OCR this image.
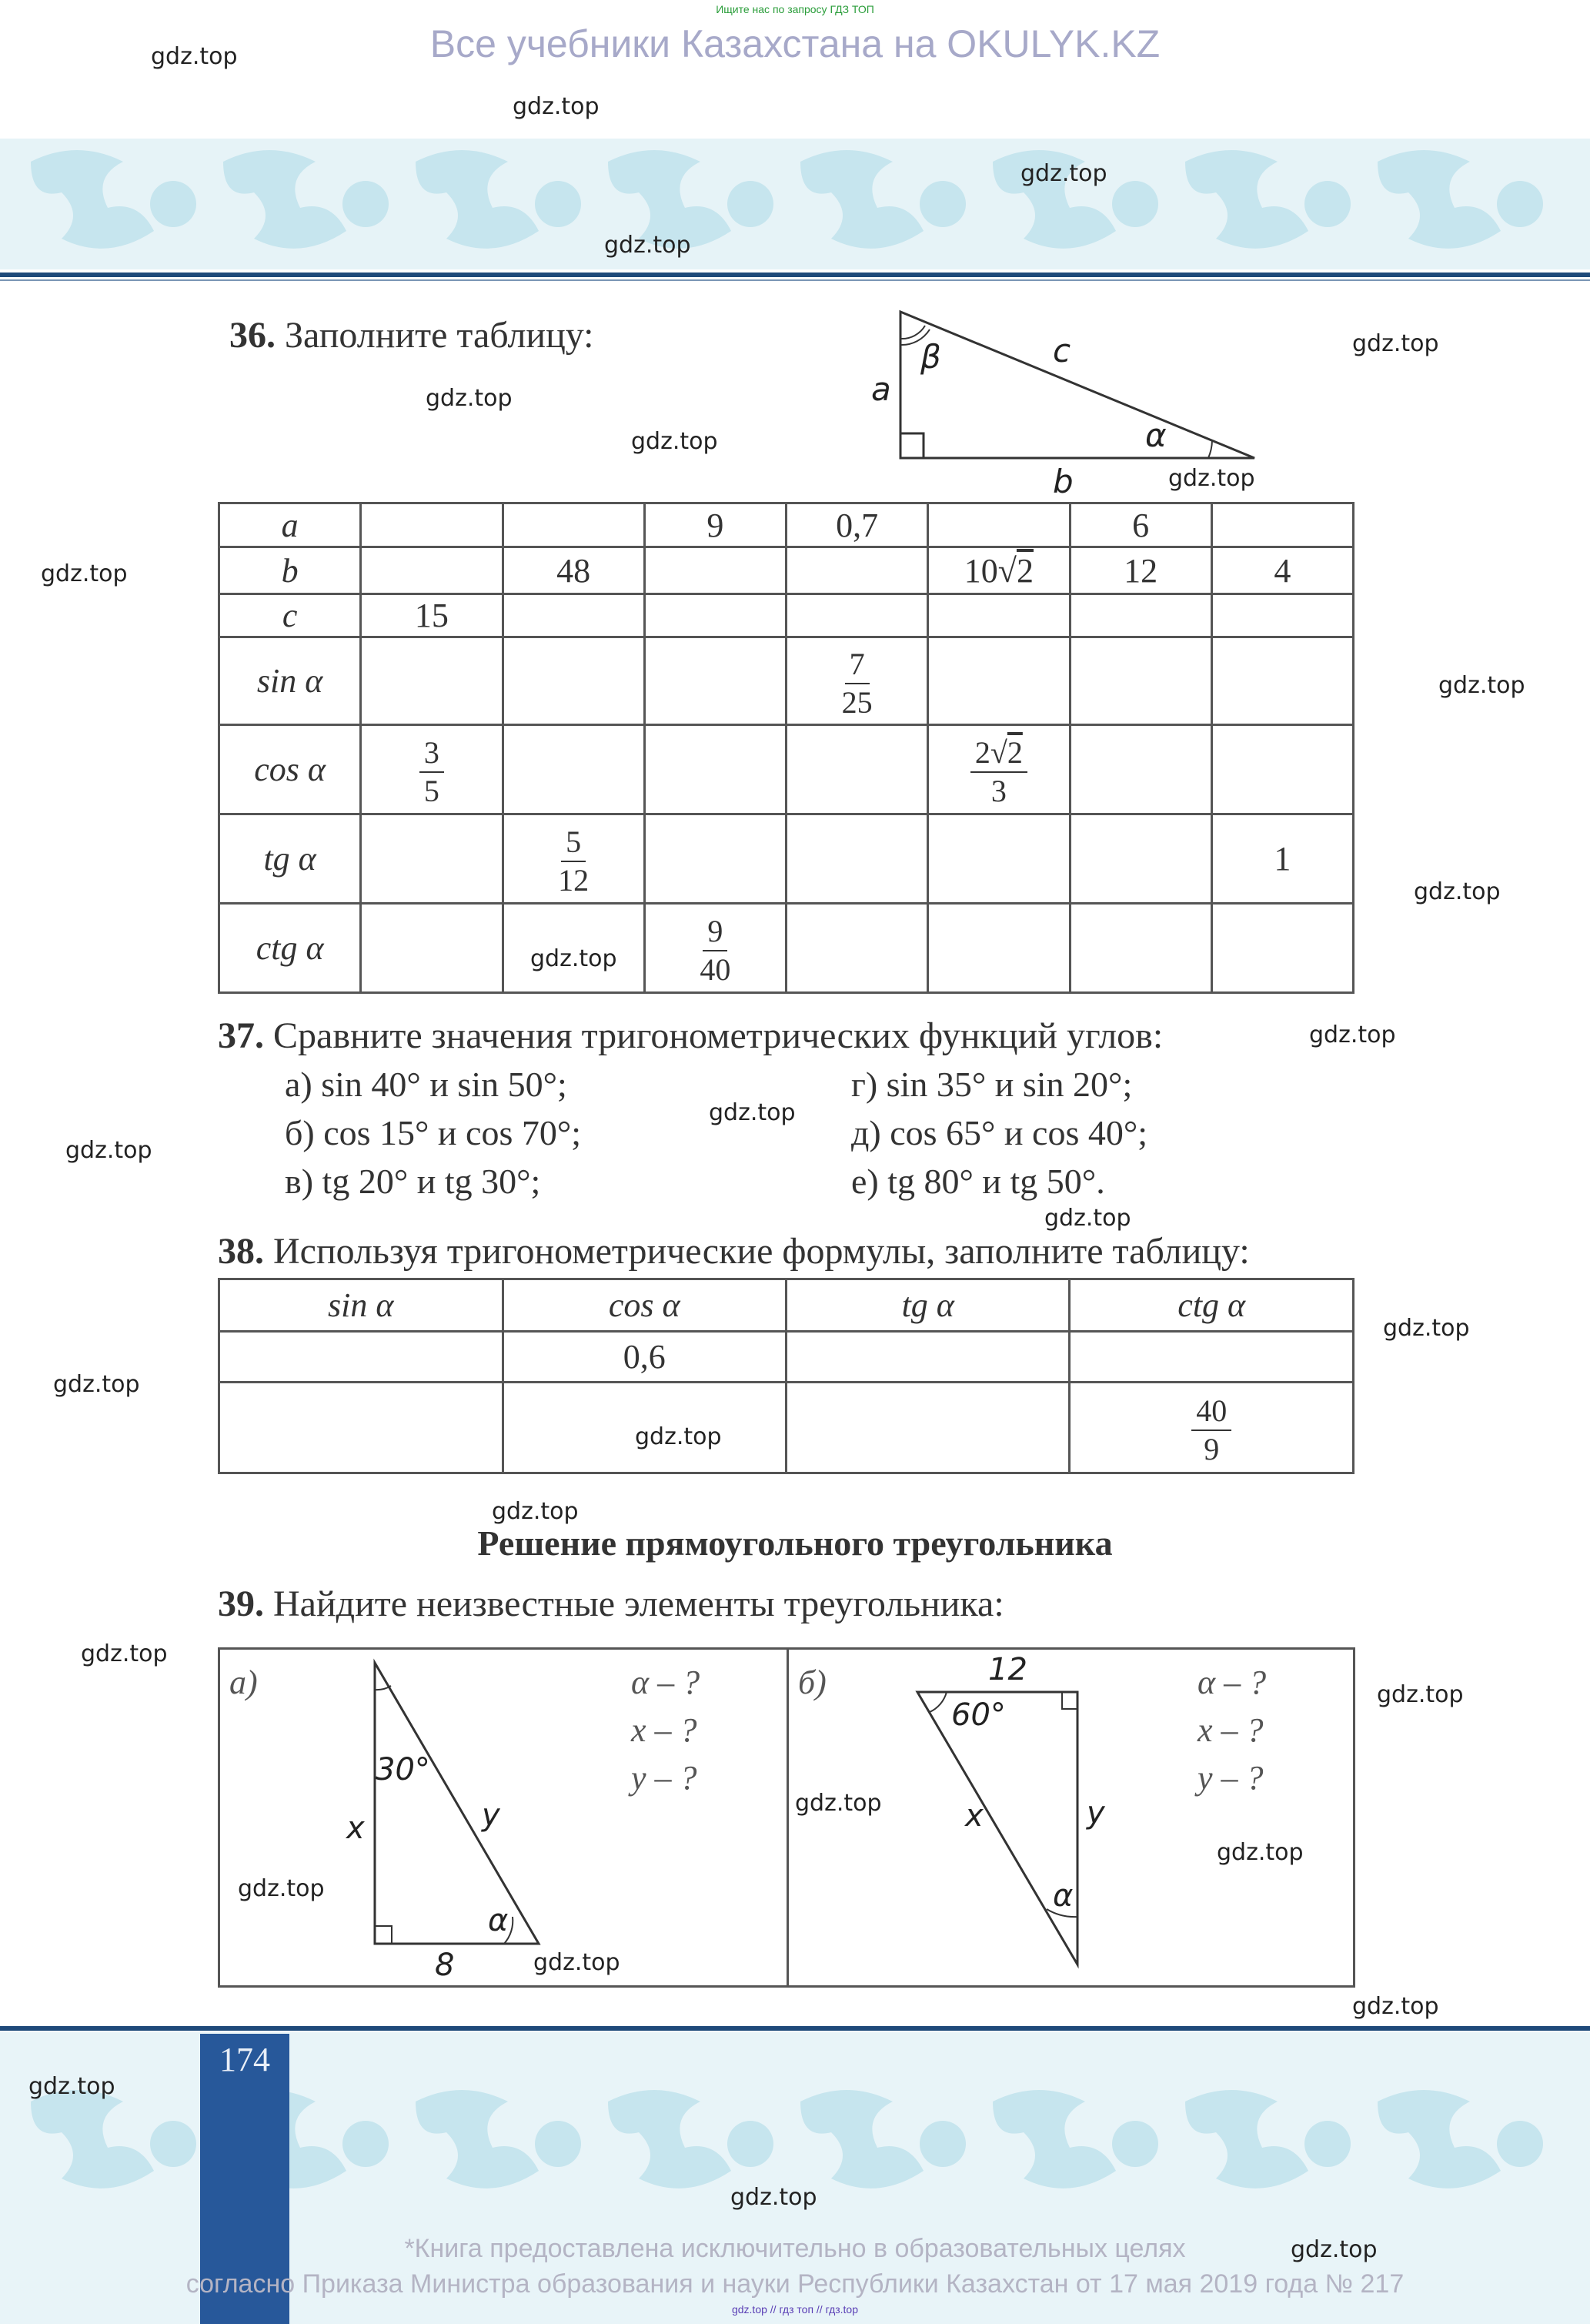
Ищите нас по запросу ГДЗ ТОП
Все учебники Казахстана на OKULYK.KZ
36. Заполните таблицу:
β	c
a
α
b
a			9	0,7		6	
b		48			10√2	12	4
c	15						
sin α				$\frac{7}{25}$

cos α	$\frac{3}{5}$				$\frac{2√2}{3}$

tg α		$\frac{5}{12}$					1
ctg α			$\frac{9}{40}$

37. Сравните значения тригонометрических функций углов:
а) sin 40° и sin 50°;
б) cos 15° и cos 70°;
в) tg 20° и tg 30°;
г) sin 35° и sin 20°;
д) cos 65° и cos 40°;
е) tg 80° и tg 50°.
38. Используя тригонометрические формулы, заполните таблицу:
sin α	cos α	tg α	ctg α
	0,6		

			$\frac{40}{9}$
Решение прямоугольного треугольника
39. Найдите неизвестные элементы треугольника:
а)
30°
x	y
α
8
α – ?
x – ?
y – ?
б)	12
60°
x	y
α
α – ?
x – ?
y – ?
174
*Книга предоставлена исключительно в образовательных целях
согласно Приказа Министра образования и науки Республики Казахстан от 17 мая 2019 года № 217
gdz.top // гдз топ // гдз.top
gdz.top
gdz.top
gdz.top
gdz.top
gdz.top
gdz.top
gdz.top
gdz.top
gdz.top
gdz.top
gdz.top
gdz.top
gdz.top
gdz.top
gdz.top
gdz.top
gdz.top
gdz.top
gdz.top
gdz.top
gdz.top
gdz.top
gdz.top
gdz.top
gdz.top
gdz.top
gdz.top
gdz.top
gdz.top
gdz.top
